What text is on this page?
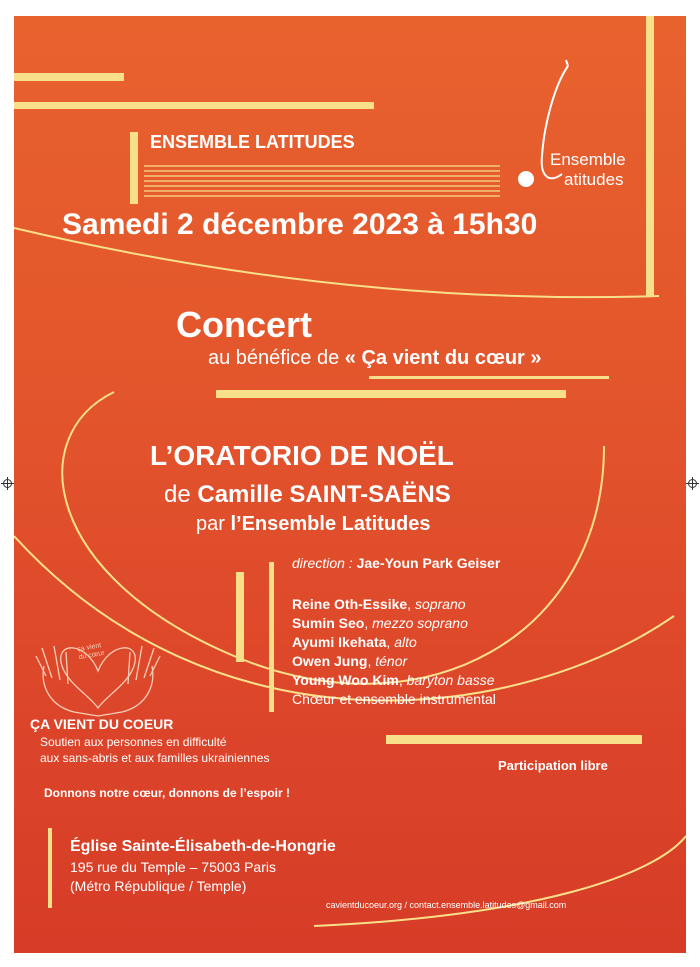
Ensemble
atitudes
ENSEMBLE LATITUDES
Samedi 2 décembre 2023 à 15h30
Concert
au bénéfice de « Ça vient du cœur »
L’ORATORIO DE NOËL
de Camille SAINT-SAËNS
par l’Ensemble Latitudes
direction : Jae-Youn Park Geiser
Reine Oth-Essike, soprano
Sumin Seo, mezzo soprano
Ayumi Ikehata, alto
Owen Jung, ténor
Young Woo Kim, baryton basse
Chœur et ensemble instrumental
ça vient
du cœur
ÇA VIENT DU COEUR
Soutien aux personnes en difficulté
aux sans-abris et aux familles ukrainiennes
Donnons notre cœur, donnons de l’espoir !
Participation libre
Église Sainte-Élisabeth-de-Hongrie
195 rue du Temple – 75003 Paris
(Métro République / Temple)
cavientducoeur.org / contact.ensemble.latitudes@gmail.com
